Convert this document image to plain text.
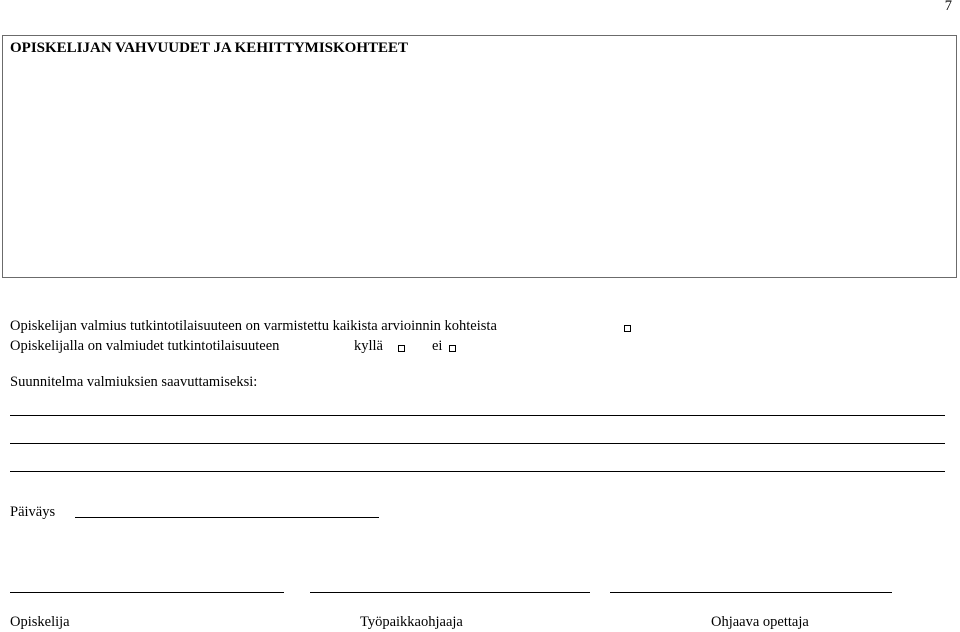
7
OPISKELIJAN VAHVUUDET JA KEHITTYMISKOHTEET
Opiskelijan valmius tutkintotilaisuuteen on varmistettu kaikista arvioinnin kohteista
Opiskelijalla on valmiudet tutkintotilaisuuteen	kyllä	ei
Suunnitelma valmiuksien saavuttamiseksi:
Päiväys
Opiskelija	Työpaikkaohjaaja	Ohjaava opettaja
